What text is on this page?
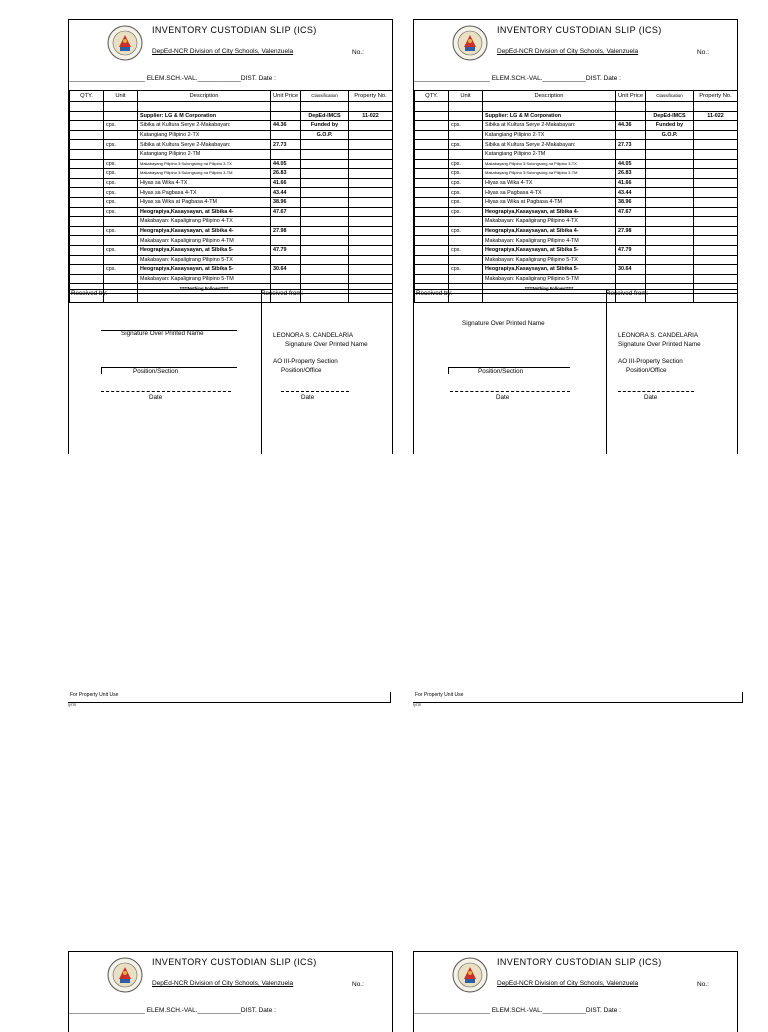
INVENTORY CUSTODIAN SLIP (ICS)
DepEd-NCR Division of City Schools, Valenzuela	No.:
_____________________ ELEM.SCH.-VAL.____________DIST. Date :
QTY.	Unit	Description	Unit Price	Classification	Property No.

		Supplier: LG & M Corporation		DepEd-IMCS	11-022
	cps.	Sibika at Kultura Serye 2-Makabayan:	44.36	Funded by	
		Katangiang Pilipino 2-TX		G.O.P.	
	cps.	Sibika at Kultura Serye 2-Makabayan:	27.73		
		Katangiang Pilipino 2-TM			
	cps.	Makabayang Pilipino 3:Sulongsong na Pilipino 3-TX	44.05		
	cps.	Makabayang Pilipino 3:Sulongsong na Pilipino 3-TM	26.83		
	cps.	Hiyas sa Wika 4-TX	41.66		
	cps.	Hiyas sa Pagbasa 4-TX	43.44		
	cps.	Hiyas sa Wika at Pagbasa 4-TM	38.96		
	cps.	Heograpiya,Kasaysayan, at Sibika 4-	47.67		
		Makabayan: Kapaligirang Pilipino 4-TX			
	cps.	Heograpiya,Kasaysayan, at Sibika 4-	27.98		
		Makabayan: Kapaligirang Pilipino 4-TM			
	cps.	Heograpiya,Kasaysayan, at Sibika 5-	47.79		
		Makabayan: Kapaligirang Pilipino 5-TX			
	cps.	Heograpiya,Kasaysayan, at Sibika 5-	30.64		
		Makabayan: Kapaligirang Pilipino 5-TM			

Received by:	Received from:
Signature Over Printed Name	LEONORA S. CANDELARIA
Signature Over Printed Name
Position/Section
AO III-Property Section
Position/Office
Date	Date
INVENTORY CUSTODIAN SLIP (ICS)
DepEd-NCR Division of City Schools, Valenzuela	No.:
_____________________ ELEM.SCH.-VAL.____________DIST. Date :
QTY.	Unit	Description	Unit Price	Classification	Property No.

		Supplier: LG & M Corporation		DepEd-IMCS	11-022
	cps.	Sibika at Kultura Serye 2-Makabayan:	44.36	Funded by	
		Katangiang Pilipino 2-TX		G.O.P.	
	cps.	Sibika at Kultura Serye 2-Makabayan:	27.73		
		Katangiang Pilipino 2-TM			
	cps.	Makabayang Pilipino 3:Sulongsong na Pilipino 3-TX	44.05		
	cps.	Makabayang Pilipino 3:Sulongsong na Pilipino 3-TM	26.83		
	cps.	Hiyas sa Wika 4-TX	41.66		
	cps.	Hiyas sa Pagbasa 4-TX	43.44		
	cps.	Hiyas sa Wika at Pagbasa 4-TM	38.96		
	cps.	Heograpiya,Kasaysayan, at Sibika 4-	47.67		
		Makabayan: Kapaligirang Pilipino 4-TX			
	cps.	Heograpiya,Kasaysayan, at Sibika 4-	27.98		
		Makabayan: Kapaligirang Pilipino 4-TM			
	cps.	Heograpiya,Kasaysayan, at Sibika 5-	47.79		
		Makabayan: Kapaligirang Pilipino 5-TX			
	cps.	Heograpiya,Kasaysayan, at Sibika 5-	30.64		
		Makabayan: Kapaligirang Pilipino 5-TM			

Received by:	Received from:
Signature Over Printed Name
LEONORA S. CANDELARIA
Signature Over Printed Name
Position/Section
AO III-Property Section
Position/Office
Date	Date
For Property Unit Use
lynn
For Property Unit Use
lynn
INVENTORY CUSTODIAN SLIP (ICS)
DepEd-NCR Division of City Schools, Valenzuela	No.:
_____________________ ELEM.SCH.-VAL.____________DIST. Date :
INVENTORY CUSTODIAN SLIP (ICS)
DepEd-NCR Division of City Schools, Valenzuela	No.:
_____________________ ELEM.SCH.-VAL.____________DIST. Date :
